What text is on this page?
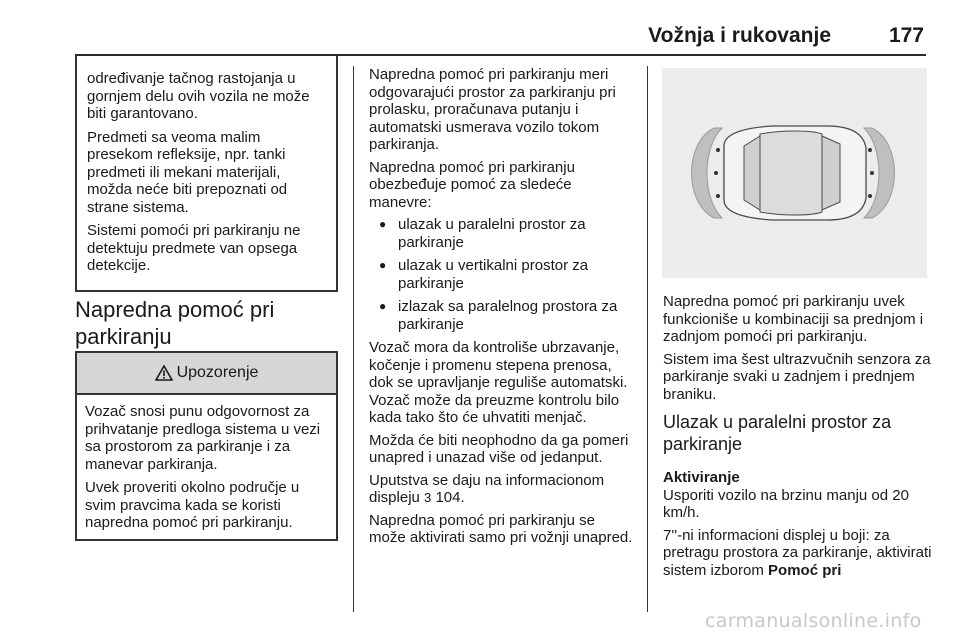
Vožnja i rukovanje	177

određivanje tačnog rastojanja u gornjem delu ovih vozila ne može biti garantovano.

Predmeti sa veoma malim presekom refleksije, npr. tanki predmeti ili mekani materijali, možda neće biti prepoznati od strane sistema.

Sistemi pomoći pri parkiranju ne detektuju predmete van opsega detekcije.

Napredna pomoć pri parkiranju
Upozorenje

Vozač snosi punu odgovornost za prihvatanje predloga sistema u vezi sa prostorom za parkiranje i za manevar parkiranja.

Uvek proveriti okolno područje u svim pravcima kada se koristi napredna pomoć pri parkiranju.

Napredna pomoć pri parkiranju meri odgovarajući prostor za parkiranju pri prolasku, proračunava putanju i automatski usmerava vozilo tokom parkiranja.

Napredna pomoć pri parkiranju obezbeđuje pomoć za sledeće manevre:

● ulazak u paralelni prostor za parkiranje
● ulazak u vertikalni prostor za parkiranje
● izlazak sa paralelnog prostora za parkiranje

Vozač mora da kontroliše ubrzavanje, kočenje i promenu stepena prenosa, dok se upravljanje reguliše automatski. Vozač može da preuzme kontrolu bilo kada tako što će uhvatiti menjač.

Možda će biti neophodno da ga pomeri unapred i unazad više od jedanput.

Uputstva se daju na informacionom displeju 3 104.

Napredna pomoć pri parkiranju se može aktivirati samo pri vožnji unapred.

Napredna pomoć pri parkiranju uvek funkcioniše u kombinaciji sa prednjom i zadnjom pomoći pri parkiranju.

Sistem ima šest ultrazvučnih senzora za parkiranje svaki u zadnjem i prednjem braniku.

Ulazak u paralelni prostor za parkiranje

Aktiviranje

Usporiti vozilo na brzinu manju od 20 km/h.

7''-ni informacioni displej u boji: za pretragu prostora za parkiranje, aktivirati sistem izborom Pomoć pri

carmanualsonline.info
